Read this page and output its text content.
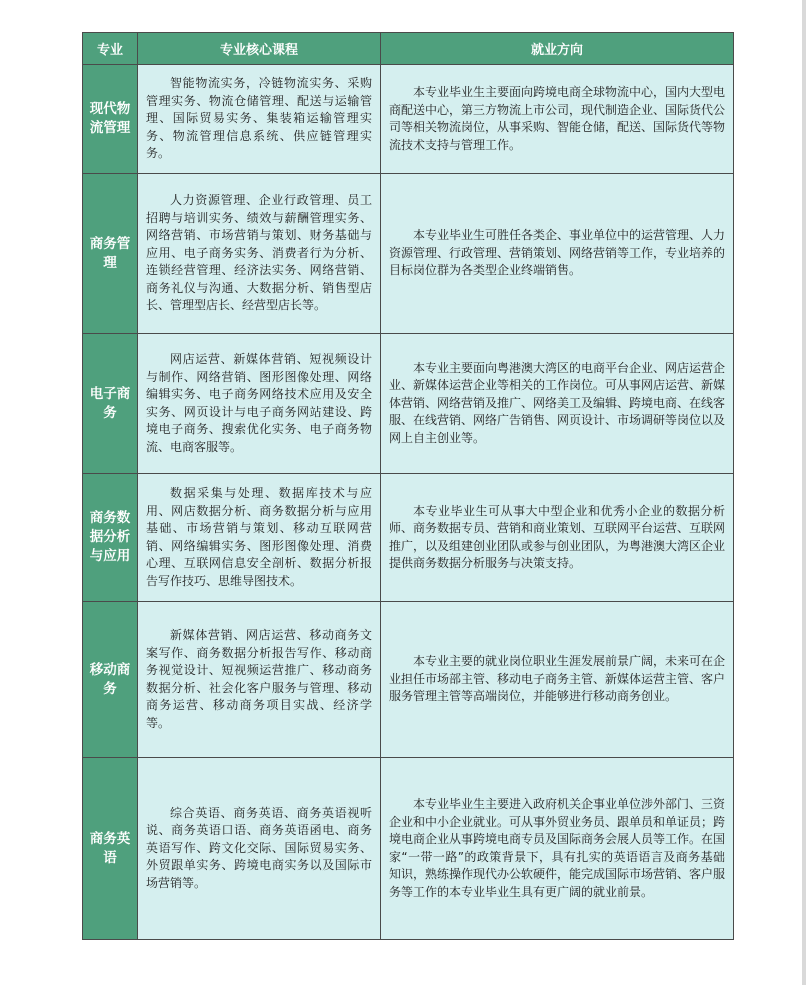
专业	专业核心课程	就业方向
现代物流管理	智能物流实务，冷链物流实务、采购管理实务、物流仓储管理、配送与运输管理、国际贸易实务、集装箱运输管理实务、物流管理信息系统、供应链管理实务。	本专业毕业生主要面向跨境电商全球物流中心，国内大型电商配送中心，第三方物流上市公司，现代制造企业、国际货代公司等相关物流岗位，从事采购、智能仓储，配送、国际货代等物流技术支持与管理工作。

商务管理	人力资源管理、企业行政管理、员工招聘与培训实务、绩效与薪酬管理实务、网络营销、市场营销与策划、财务基础与应用、电子商务实务、消费者行为分析、连锁经营管理、经济法实务、网络营销、商务礼仪与沟通、大数据分析、销售型店长、管理型店长、经营型店长等。	本专业毕业生可胜任各类企、事业单位中的运营管理、人力资源管理、行政管理、营销策划、网络营销等工作，专业培养的目标岗位群为各类型企业终端销售。

电子商务	网店运营、新媒体营销、短视频设计与制作、网络营销、图形图像处理、网络编辑实务、电子商务网络技术应用及安全实务、网页设计与电子商务网站建设、跨境电子商务、搜索优化实务、电子商务物流、电商客服等。	本专业主要面向粤港澳大湾区的电商平台企业、网店运营企业、新媒体运营企业等相关的工作岗位。可从事网店运营、新媒体营销、网络营销及推广、网络美工及编辑、跨境电商、在线客服、在线营销、网络广告销售、网页设计、市场调研等岗位以及网上自主创业等。

商务数据分析与应用	数据采集与处理、数据库技术与应用、网店数据分析、商务数据分析与应用基础、市场营销与策划、移动互联网营销、网络编辑实务、图形图像处理、消费心理、互联网信息安全剖析、数据分析报告写作技巧、思维导图技术。	本专业毕业生可从事大中型企业和优秀小企业的数据分析师、商务数据专员、营销和商业策划、互联网平台运营、互联网推广，以及组建创业团队或参与创业团队，为粤港澳大湾区企业提供商务数据分析服务与决策支持。

移动商务	新媒体营销、网店运营、移动商务文案写作、商务数据分析报告写作、移动商务视觉设计、短视频运营推广、移动商务数据分析、社会化客户服务与管理、移动商务运营、移动商务项目实战、经济学等。	本专业主要的就业岗位职业生涯发展前景广阔，未来可在企业担任市场部主管、移动电子商务主管、新媒体运营主管、客户服务管理主管等高端岗位，并能够进行移动商务创业。

商务英语	综合英语、商务英语、商务英语视听说、商务英语口语、商务英语函电、商务英语写作、跨文化交际、国际贸易实务、外贸跟单实务、跨境电商实务以及国际市场营销等。	本专业毕业生主要进入政府机关企事业单位涉外部门、三资企业和中小企业就业。可从事外贸业务员、跟单员和单证员；跨境电商企业从事跨境电商专员及国际商务会展人员等工作。在国家“一带一路”的政策背景下，具有扎实的英语语言及商务基础知识，熟练操作现代办公软硬件，能完成国际市场营销、客户服务等工作的本专业毕业生具有更广阔的就业前景。
